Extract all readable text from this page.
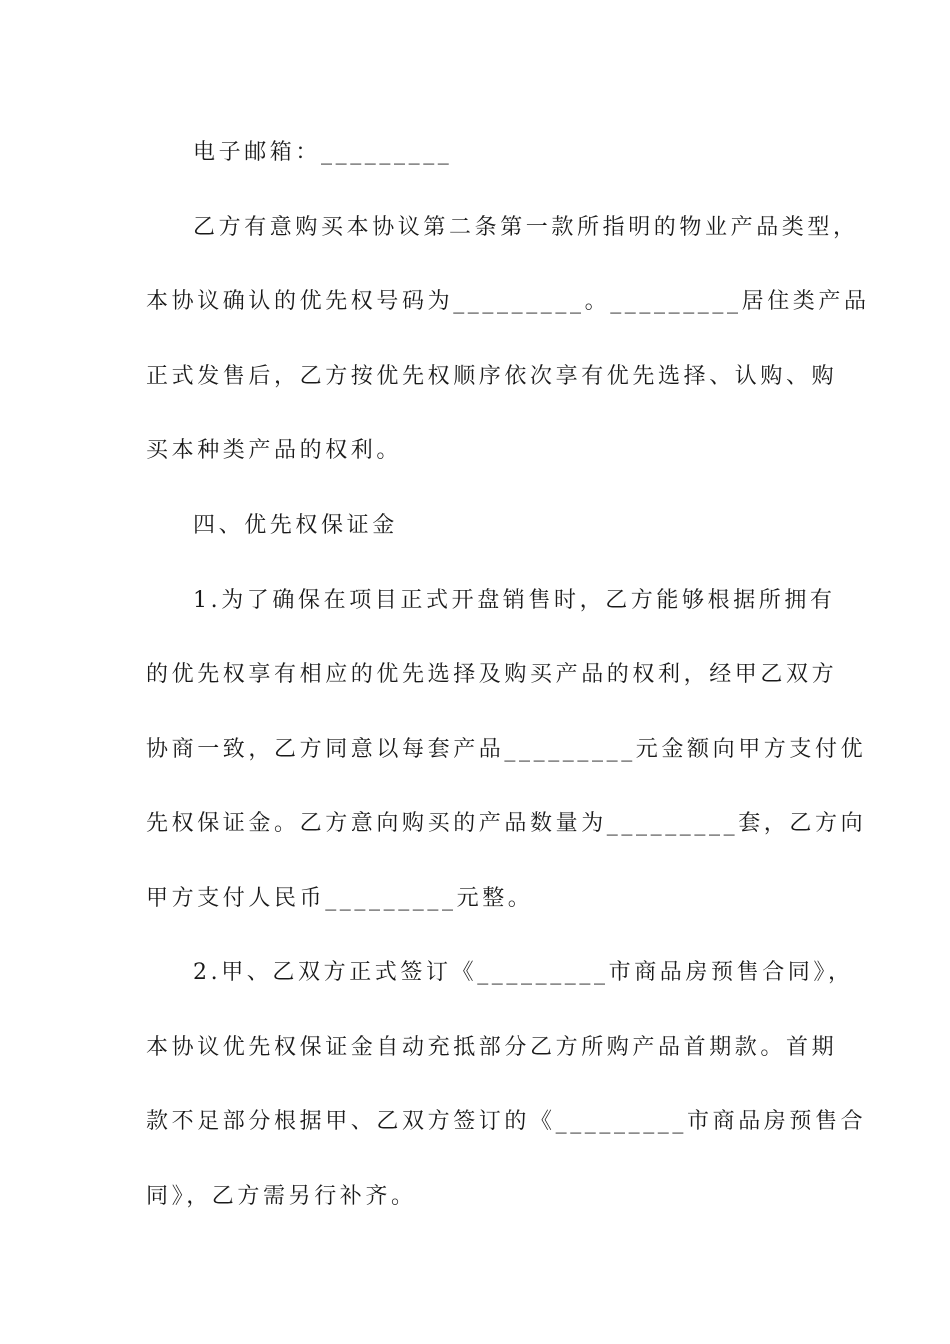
电子邮箱：_________

乙方有意购买本协议第二条第一款所指明的物业产品类型，

本协议确认的优先权号码为_________。_________居住类产品

正式发售后，乙方按优先权顺序依次享有优先选择、认购、购

买本种类产品的权利。

四、优先权保证金

1.为了确保在项目正式开盘销售时，乙方能够根据所拥有

的优先权享有相应的优先选择及购买产品的权利，经甲乙双方

协商一致，乙方同意以每套产品_________元金额向甲方支付优

先权保证金。乙方意向购买的产品数量为_________套，乙方向

甲方支付人民币_________元整。

2.甲、乙双方正式签订《_________市商品房预售合同》，

本协议优先权保证金自动充抵部分乙方所购产品首期款。首期

款不足部分根据甲、乙双方签订的《_________市商品房预售合

同》，乙方需另行补齐。
